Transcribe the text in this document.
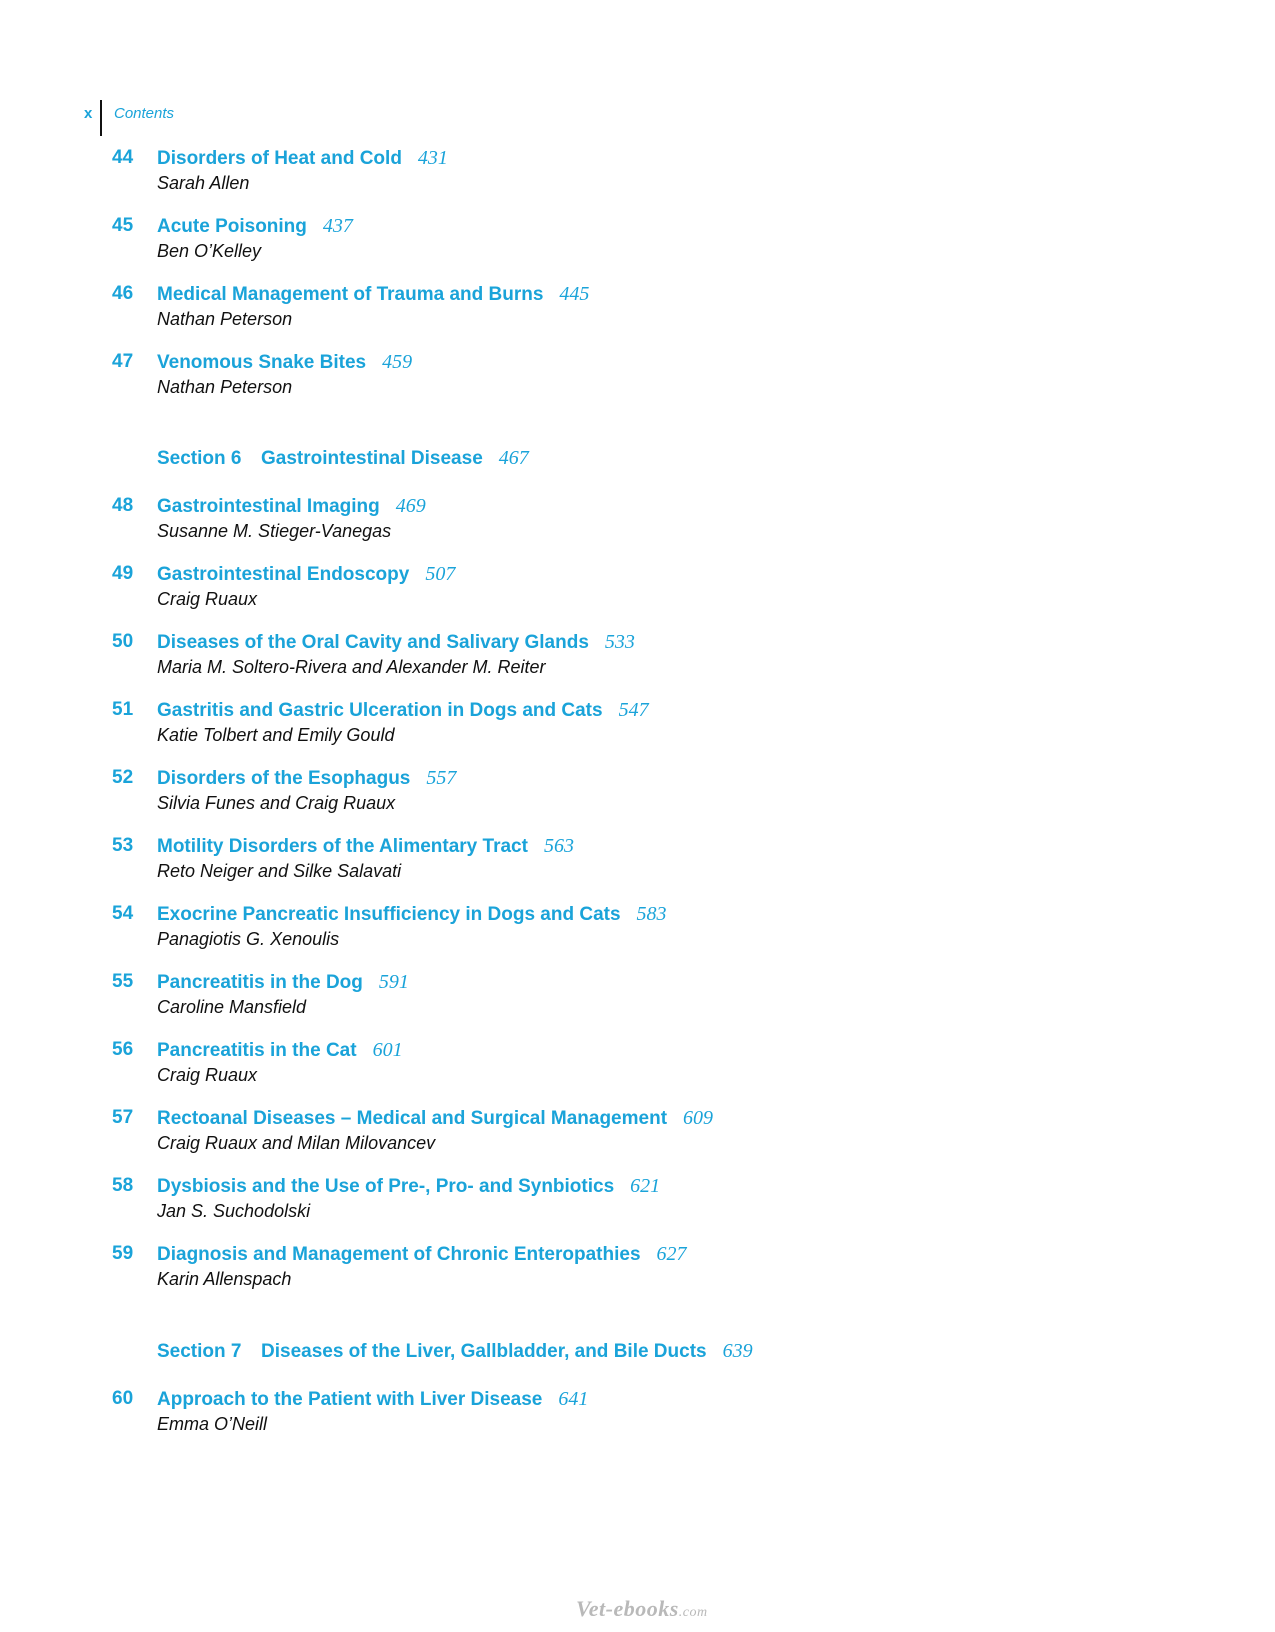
x	Contents
44 Disorders of Heat and Cold 431
Sarah Allen
45 Acute Poisoning 437
Ben O’Kelley
46 Medical Management of Trauma and Burns 445
Nathan Peterson
47 Venomous Snake Bites 459
Nathan Peterson
Section 6 Gastrointestinal Disease 467
48 Gastrointestinal Imaging 469
Susanne M. Stieger-Vanegas
49 Gastrointestinal Endoscopy 507
Craig Ruaux
50 Diseases of the Oral Cavity and Salivary Glands 533
Maria M. Soltero-Rivera and Alexander M. Reiter
51 Gastritis and Gastric Ulceration in Dogs and Cats 547
Katie Tolbert and Emily Gould
52 Disorders of the Esophagus 557
Silvia Funes and Craig Ruaux
53 Motility Disorders of the Alimentary Tract 563
Reto Neiger and Silke Salavati
54 Exocrine Pancreatic Insufficiency in Dogs and Cats 583
Panagiotis G. Xenoulis
55 Pancreatitis in the Dog 591
Caroline Mansfield
56 Pancreatitis in the Cat 601
Craig Ruaux
57 Rectoanal Diseases – Medical and Surgical Management 609
Craig Ruaux and Milan Milovancev
58 Dysbiosis and the Use of Pre-, Pro- and Synbiotics 621
Jan S. Suchodolski
59 Diagnosis and Management of Chronic Enteropathies 627
Karin Allenspach
Section 7 Diseases of the Liver, Gallbladder, and Bile Ducts 639
60 Approach to the Patient with Liver Disease 641
Emma O’Neill
Vet-ebooks.com
